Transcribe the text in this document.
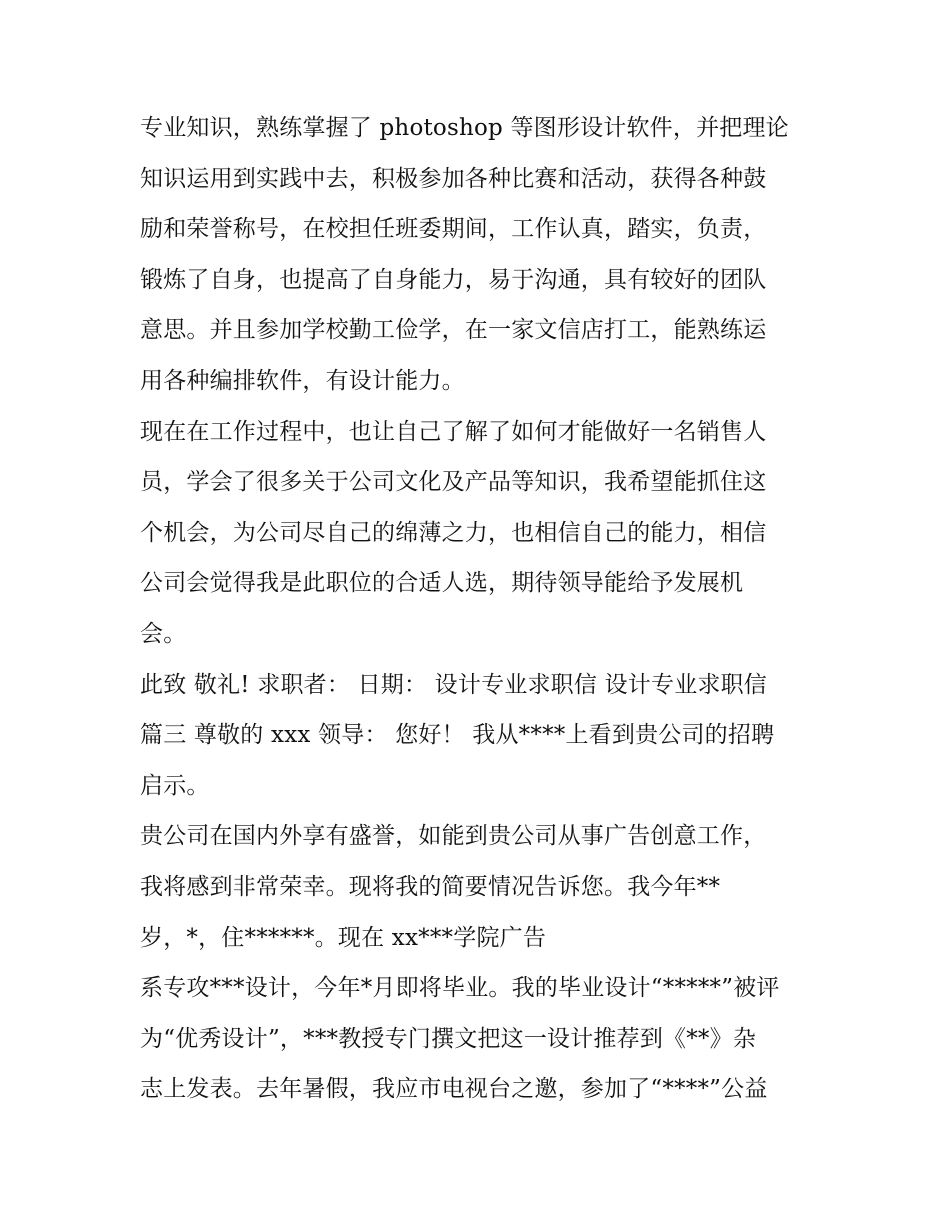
专业知识，熟练掌握了 photoshop 等图形设计软件，并把理论
知识运用到实践中去，积极参加各种比赛和活动，获得各种鼓
励和荣誉称号，在校担任班委期间，工作认真，踏实，负责，
锻炼了自身，也提高了自身能力，易于沟通，具有较好的团队
意思。并且参加学校勤工俭学，在一家文信店打工，能熟练运
用各种编排软件，有设计能力。
现在在工作过程中，也让自己了解了如何才能做好一名销售人
员，学会了很多关于公司文化及产品等知识，我希望能抓住这
个机会，为公司尽自己的绵薄之力，也相信自己的能力，相信
公司会觉得我是此职位的合适人选，期待领导能给予发展机
会。
此致 敬礼! 求职者： 日期： 设计专业求职信 设计专业求职信
篇三 尊敬的 xxx 领导： 您好！ 我从****上看到贵公司的招聘
启示。
贵公司在国内外享有盛誉，如能到贵公司从事广告创意工作，
我将感到非常荣幸。现将我的简要情况告诉您。我今年**
岁，*，住******。现在 xx***学院广告
系专攻***设计，今年*月即将毕业。我的毕业设计“*****”被评
为“优秀设计”，***教授专门撰文把这一设计推荐到《**》杂
志上发表。去年暑假，我应市电视台之邀，参加了“****”公益
